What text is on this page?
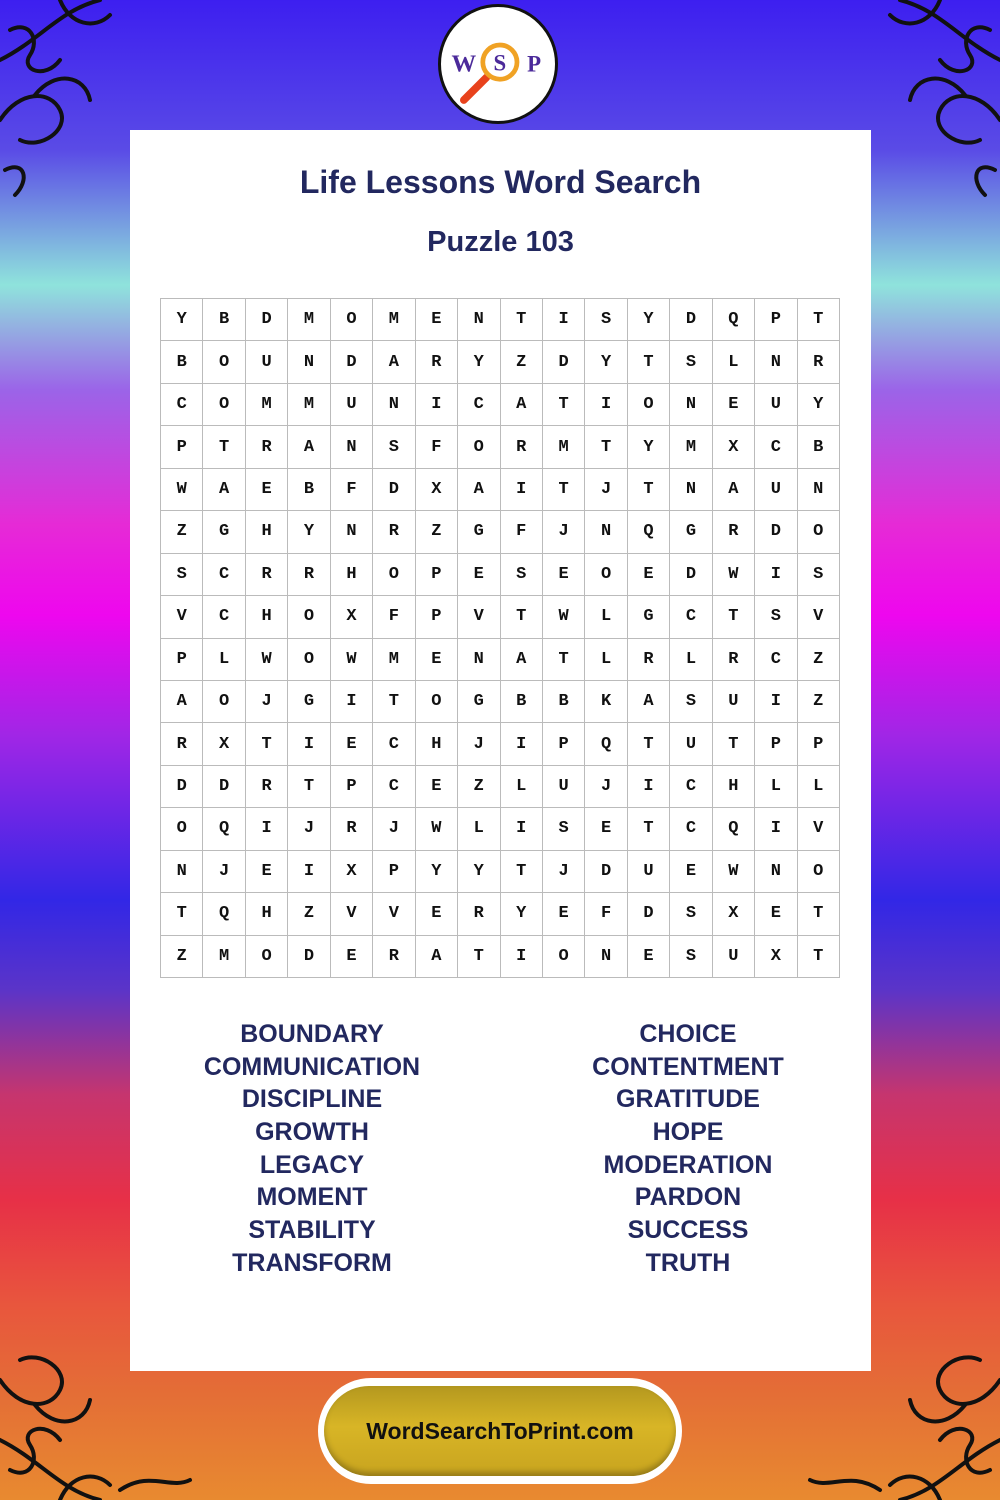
W S P
Life Lessons Word Search
Puzzle 103
Y	B	D	M	O	M	E	N	T	I	S	Y	D	Q	P	T
B	O	U	N	D	A	R	Y	Z	D	Y	T	S	L	N	R
C	O	M	M	U	N	I	C	A	T	I	O	N	E	U	Y
P	T	R	A	N	S	F	O	R	M	T	Y	M	X	C	B
W	A	E	B	F	D	X	A	I	T	J	T	N	A	U	N
Z	G	H	Y	N	R	Z	G	F	J	N	Q	G	R	D	O
S	C	R	R	H	O	P	E	S	E	O	E	D	W	I	S
V	C	H	O	X	F	P	V	T	W	L	G	C	T	S	V
P	L	W	O	W	M	E	N	A	T	L	R	L	R	C	Z
A	O	J	G	I	T	O	G	B	B	K	A	S	U	I	Z
R	X	T	I	E	C	H	J	I	P	Q	T	U	T	P	P
D	D	R	T	P	C	E	Z	L	U	J	I	C	H	L	L
O	Q	I	J	R	J	W	L	I	S	E	T	C	Q	I	V
N	J	E	I	X	P	Y	Y	T	J	D	U	E	W	N	O
T	Q	H	Z	V	V	E	R	Y	E	F	D	S	X	E	T
Z	M	O	D	E	R	A	T	I	O	N	E	S	U	X	T
BOUNDARY
COMMUNICATION
DISCIPLINE
GROWTH
LEGACY
MOMENT
STABILITY
TRANSFORM
CHOICE
CONTENTMENT
GRATITUDE
HOPE
MODERATION
PARDON
SUCCESS
TRUTH
WordSearchToPrint.com
